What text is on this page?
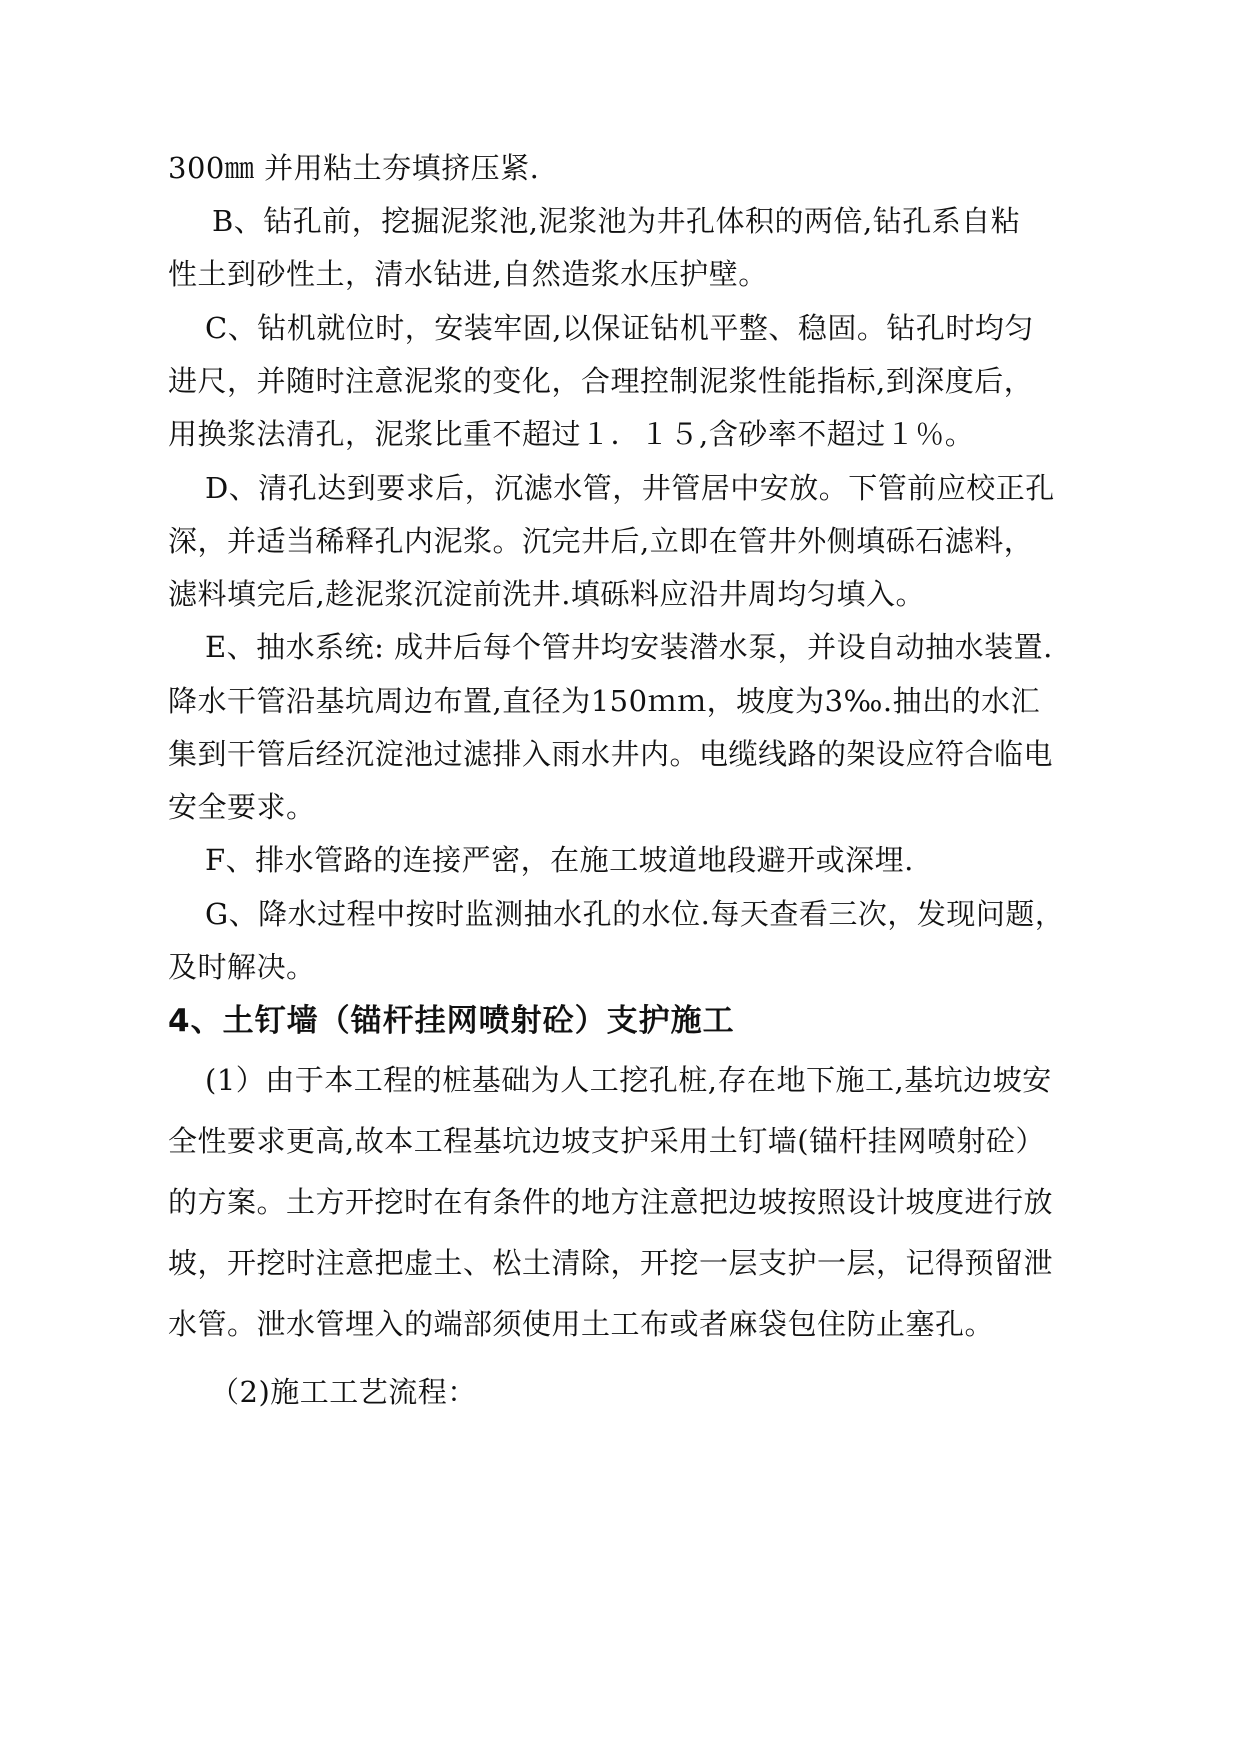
300㎜ 并用粘土夯填挤压紧.
B、钻孔前，挖掘泥浆池,泥浆池为井孔体积的两倍,钻孔系自粘
性土到砂性土，清水钻进,自然造浆水压护壁。
C、钻机就位时，安装牢固,以保证钻机平整、稳固。钻孔时均匀
进尺，并随时注意泥浆的变化，合理控制泥浆性能指标,到深度后，
用换浆法清孔，泥浆比重不超过１．１５,含砂率不超过１％。
D、清孔达到要求后，沉滤水管，井管居中安放。下管前应校正孔
深，并适当稀释孔内泥浆。沉完井后,立即在管井外侧填砾石滤料，
滤料填完后,趁泥浆沉淀前洗井.填砾料应沿井周均匀填入。
E、抽水系统: 成井后每个管井均安装潜水泵，并设自动抽水装置.
降水干管沿基坑周边布置,直径为150ｍｍ，坡度为3‰.抽出的水汇
集到干管后经沉淀池过滤排入雨水井内。电缆线路的架设应符合临电
安全要求。
F、排水管路的连接严密，在施工坡道地段避开或深埋.
G、降水过程中按时监测抽水孔的水位.每天查看三次，发现问题，
及时解决。
4、土钉墙（锚杆挂网喷射砼）支护施工
(1）由于本工程的桩基础为人工挖孔桩,存在地下施工,基坑边坡安
全性要求更高,故本工程基坑边坡支护采用土钉墙(锚杆挂网喷射砼）
的方案。土方开挖时在有条件的地方注意把边坡按照设计坡度进行放
坡，开挖时注意把虚土、松土清除，开挖一层支护一层，记得预留泄
水管。泄水管埋入的端部须使用土工布或者麻袋包住防止塞孔。
（2)施工工艺流程：
